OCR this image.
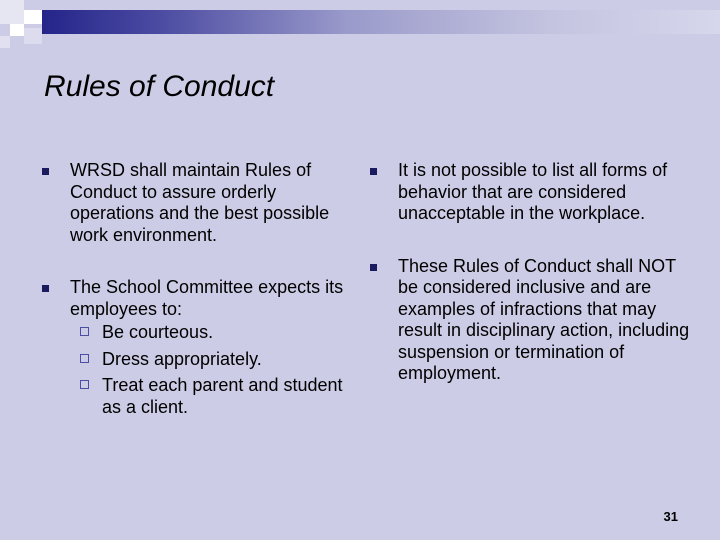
Rules of Conduct
WRSD shall maintain Rules of Conduct to assure orderly operations and the best possible work environment.
The School Committee expects its employees to:
Be courteous.
Dress appropriately.
Treat each parent and student as a client.
It is not possible to list all forms of behavior that are considered unacceptable in the workplace.
These Rules of Conduct shall NOT be considered inclusive and are examples of infractions that may result in disciplinary action, including suspension or termination of employment.
31
